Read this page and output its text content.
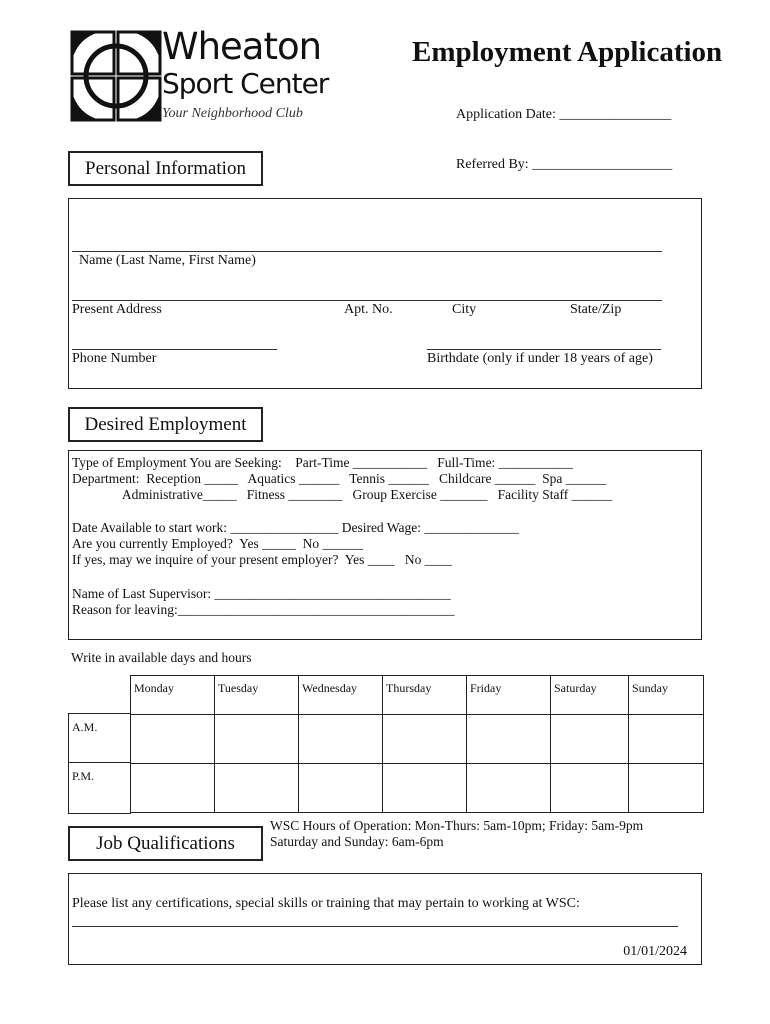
Wheaton
Sport Center
Your Neighborhood Club
Employment Application
Application Date: ________________
Referred By: ____________________
Personal Information
Name (Last Name, First Name)
Present Address	Apt. No.	City	State/Zip
Phone Number	Birthdate (only if under 18 years of age)
Desired Employment
Type of Employment You are Seeking:    Part-Time ___________   Full-Time: ___________
Department:  Reception _____   Aquatics ______   Tennis ______   Childcare ______  Spa ______
Administrative_____   Fitness ________   Group Exercise _______   Facility Staff ______
Date Available to start work: ________________ Desired Wage: ______________
Are you currently Employed?  Yes _____  No ______
If yes, may we inquire of your present employer?  Yes ____   No ____
Name of Last Supervisor: ___________________________________
Reason for leaving:_________________________________________
Write in available days and hours
Monday	Tuesday	Wednesday	Thursday	Friday	Saturday	Sunday

A.M.
P.M.
Job Qualifications
WSC Hours of Operation: Mon-Thurs: 5am-10pm; Friday: 5am-9pm
Saturday and Sunday: 6am-6pm
Please list any certifications, special skills or training that may pertain to working at WSC:
01/01/2024
